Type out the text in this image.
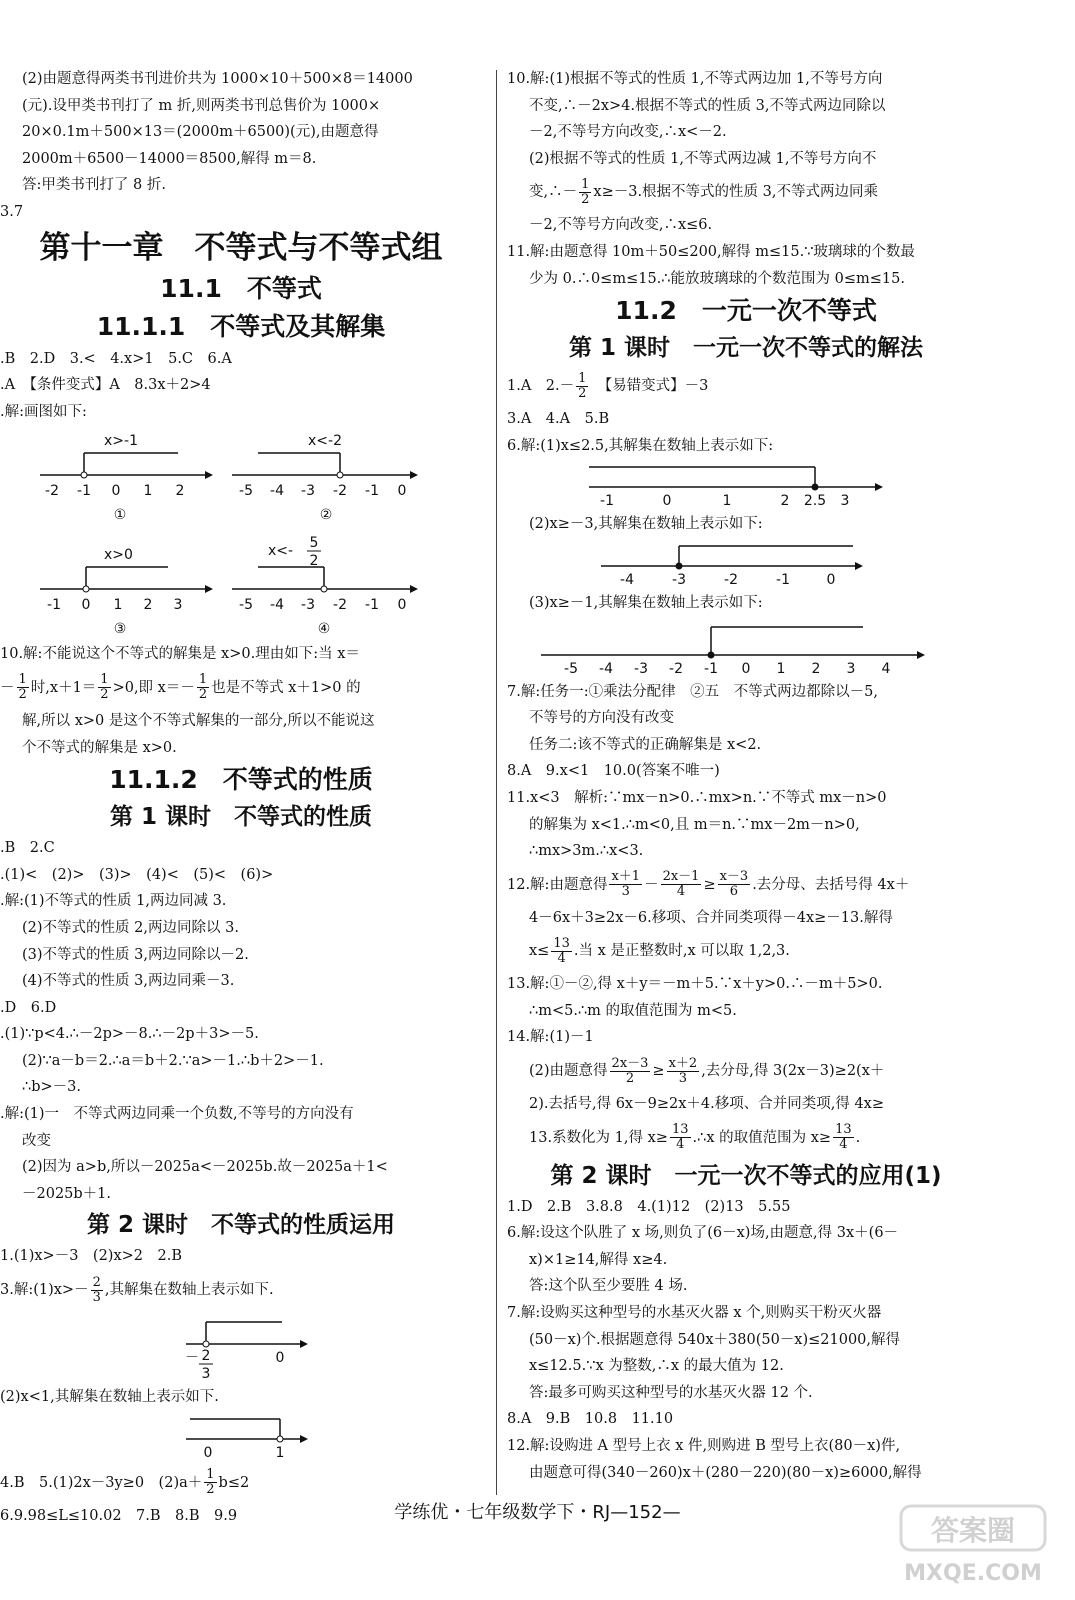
(2)由题意得两类书刊进价共为 1000×10＋500×8＝14000
(元).设甲类书刊打了 m 折,则两类书刊总售价为 1000×
20×0.1m＋500×13＝(2000m＋6500)(元),由题意得
2000m＋6500－14000＝8500,解得 m＝8.
答:甲类书刊打了 8 折.
3.7
第十一章　不等式与不等式组
11.1　不等式
11.1.1　不等式及其解集
.B　2.D　3.<　4.x>1　5.C　6.A
.A　【条件变式】A　8.3x＋2>4
.解:画图如下:
x>-1
-2 -1 0 1 2
①
x<-2
-5 -4 -3 -2 -1 0
②
x>0
-1 0 1 2 3
③
x<- 5
2
-5 -4 -3 -2 -1 0
④
10.解:不能说这个不等式的解集是 x>0.理由如下:当 x＝
－ $\frac{1}{2}$ 时$,x+1= \frac{1}{2} >0$,即 $x=- \frac{1}{2}$ 也是不等式 x＋1>0 的
解,所以 x>0 是这个不等式解集的一部分,所以不能说这
个不等式的解集是 x>0.
11.1.2　不等式的性质
第 1 课时　不等式的性质
.B　2.C
.(1)<　(2)>　(3)>　(4)<　(5)<　(6)>
.解:(1)不等式的性质 1,两边同减 3.
(2)不等式的性质 2,两边同除以 3.
(3)不等式的性质 3,两边同除以－2.
(4)不等式的性质 3,两边同乘－3.
.D　6.D
.(1)∵p<4.∴－2p>－8.∴－2p＋3>－5.
(2)∵a－b＝2.∴a＝b＋2.∵a>－1.∴b＋2>－1.
∴b>－3.
.解:(1)一　不等式两边同乘一个负数,不等号的方向没有
改变
(2)因为 a>b,所以－2025a<－2025b.故－2025a＋1<
－2025b＋1.
第 2 课时　不等式的性质运用
1.(1)x>－3　(2)x>2　2.B
3.解:(1)x>－ $\frac{2}{3}$ ,其解集在数轴上表示如下.
－ 2
3
0
(2)x<1,其解集在数轴上表示如下.
0	1
4.B　5.(1)2x－3y≥0　$(2)a+ \frac{1}{2} b\le 2$
6.9.98≤L≤10.02　7.B　8.B　9.9
10.解:(1)根据不等式的性质 1,不等式两边加 1,不等号方向
不变,∴－2x>4.根据不等式的性质 3,不等式两边同除以
－2,不等号方向改变,∴x<－2.
(2)根据不等式的性质 1,不等式两边减 1,不等号方向不
变,∴－ $\frac{1}{2} x\ge-3$.根据不等式的性质 3,不等式两边同乘
－2,不等号方向改变,∴x≤6.
11.解:由题意得 10m＋50≤200,解得 m≤15.∵玻璃球的个数最
少为 0.∴0≤m≤15.∴能放玻璃球的个数范围为 0≤m≤15.
11.2　一元一次不等式
第 1 课时　一元一次不等式的解法
1.A　$2.- \frac{1}{2}$
　 【易错变式】－3
3.A　4.A　5.B
6.解:(1)x≤2.5,其解集在数轴上表示如下:
-1	0	1	2 2.5 3
(2)x≥－3,其解集在数轴上表示如下:
-4	-3	-2	-1	0
(3)x≥－1,其解集在数轴上表示如下:
-5 -4 -3 -2 -1 0 1 2 3 4
7.解:任务一:①乘法分配律　②五　不等式两边都除以－5,
不等号的方向没有改变
任务二:该不等式的正确解集是 x<2.
8.A　9.x<1　10.0(答案不唯一)
11.x<3　解析:∵mx－n>0.∴mx>n.∵不等式 mx－n>0
的解集为 x<1.∴m<0,且 m＝n.∵mx－2m－n>0,
∴mx>3m.∴x<3.
12.解:由题意得 $\frac{x+1}{3} - \frac{2x-1}{4} \ge \frac{x-3}{6}$ .去分母、去括号得 4x＋
4－6x＋3≥2x－6.移项、合并同类项得－4x≥－13.解得
$x\le \frac{13}{4}$ .当 x 是正整数时,x 可以取 1,2,3.
13.解:①－②,得 x＋y＝－m＋5.∵x＋y>0.∴－m＋5>0.
∴m<5.∴m 的取值范围为 m<5.
14.解:(1)－1
(2)由题意得 $\frac{2x-3}{2} \ge \frac{x+2}{3}$ ,去分母,得 3(2x－3)≥2(x＋
2).去括号,得 6x－9≥2x＋4.移项、合并同类项,得 4x≥
13.系数化为 1,得 $x\ge \frac{13}{4}$ .∴x 的取值范围为 $x\ge \frac{13}{4}$ .
第 2 课时　一元一次不等式的应用(1)
1.D　2.B　3.8.8　4.(1)12　(2)13　5.55
6.解:设这个队胜了 x 场,则负了(6－x)场,由题意,得 3x＋(6－
x)×1≥14,解得 x≥4.
答:这个队至少要胜 4 场.
7.解:设购买这种型号的水基灭火器 x 个,则购买干粉灭火器
(50－x)个.根据题意得 540x＋380(50－x)≤21000,解得
x≤12.5.∵x 为整数,∴x 的最大值为 12.
答:最多可购买这种型号的水基灭火器 12 个.
8.A　9.B　10.8　11.10
12.解:设购进 A 型号上衣 x 件,则购进 B 型号上衣(80－x)件,
由题意可得(340－260)x＋(280－220)(80－x)≥6000,解得
学练优・七年级数学下・RJ—152—
答案圈
MXQE.COM
